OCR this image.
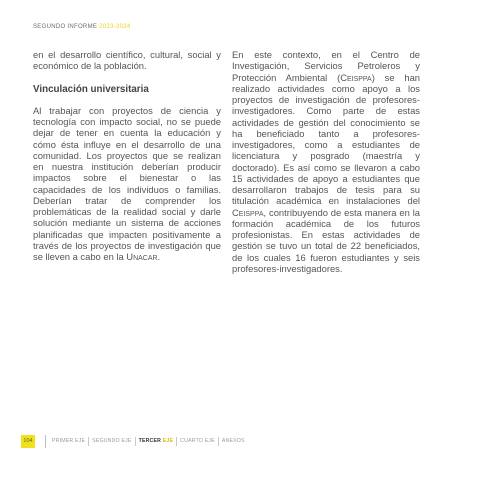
SEGUNDO INFORME 2023-2024

en el desarrollo científico, cultural, social y económico de la población.

Vinculación universitaria

Al trabajar con proyectos de ciencia y tecnología con impacto social, no se puede dejar de tener en cuenta la educación y cómo ésta influye en el desarrollo de una comunidad. Los proyectos que se realizan en nuestra institución deberían producir impactos sobre el bienestar o las capacidades de los individuos o familias. Deberían tratar de comprender los problemáticas de la realidad social y darle solución mediante un sistema de acciones planificadas que impacten positivamente a través de los proyectos de investigación que se lleven a cabo en la Unacar.

En este contexto, en el Centro de Investigación, Servicios Petroleros y Protección Ambiental (Ceisppa) se han realizado actividades como apoyo a los proyectos de investigación de profesores-investigadores. Como parte de estas actividades de gestión del conocimiento se ha beneficiado tanto a profesores-investigadores, como a estudiantes de licenciatura y posgrado (maestría y doctorado). Es así como se llevaron a cabo 15 actividades de apoyo a estudiantes que desarrollaron trabajos de tesis para su titulación académica en instalaciones del Ceisppa, contribuyendo de esta manera en la formación académica de los futuros profesionistas. En estas actividades de gestión se tuvo un total de 22 beneficiados, de los cuales 16 fueron estudiantes y seis profesores-investigadores.

104	PRIMER EJE SEGUNDO EJE TERCER EJE CUARTO EJE ANEXOS
